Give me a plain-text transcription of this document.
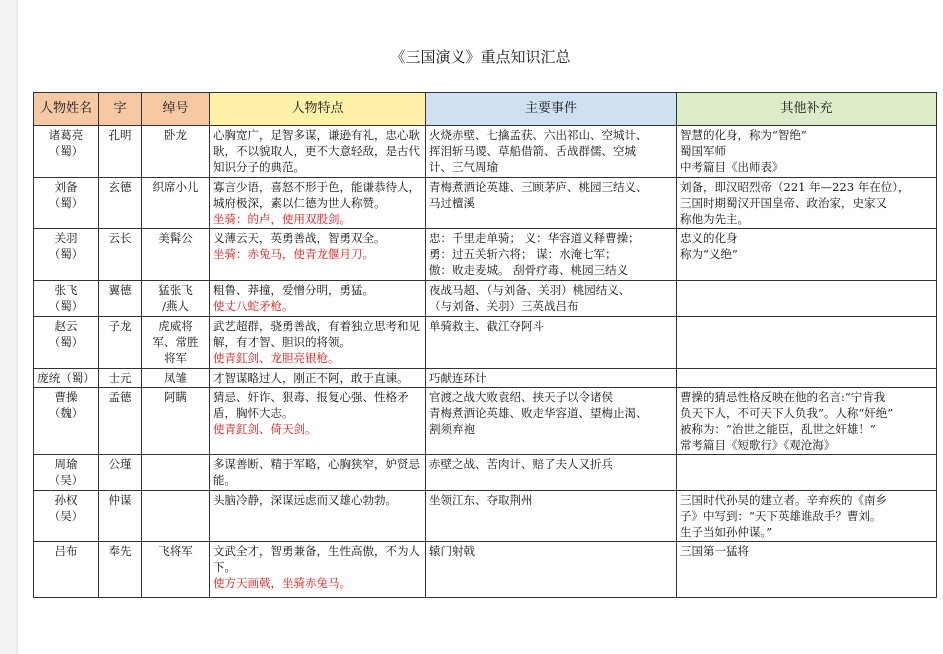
《三国演义》重点知识汇总
人物姓名	字	绰号	人物特点	主要事件	其他补充

诸葛亮
（蜀）	孔明	卧龙	心胸宽广，足智多谋，谦逊有礼，忠心耿耿，不以貌取人，更不大意轻敌，是古代知识分子的典范。	火烧赤壁、七擒孟获、六出祁山、空城计、
挥泪斩马谡、草船借箭、舌战群儒、空城
计、三气周瑜	智慧的化身，称为“智绝”
蜀国军师
中考篇目《出师表》

刘备
（蜀）	玄德	织席小儿	寡言少语，喜怒不形于色，能谦恭待人，城府极深，素以仁德为世人称赞。
坐骑：的卢，使用双股剑。	青梅煮酒论英雄、三顾茅庐、桃园三结义、
马过檀溪	刘备，即汉昭烈帝（221 年—223 年在位），
三国时期蜀汉开国皇帝、政治家，史家又
称他为先主。

关羽
（蜀）	云长	美髯公	义薄云天，英勇善战，智勇双全。
坐骑：赤兔马，使青龙偃月刀。	忠：千里走单骑； 义：华容道义释曹操；
勇：过五关斩六将； 谋：水淹七军；
傲：败走麦城。 刮骨疗毒、桃园三结义	忠义的化身
称为“义绝”

张飞
（蜀）	翼德	猛张飞
/燕人	粗鲁、莽撞，爱憎分明，勇猛。
使丈八蛇矛枪。	夜战马超、（与刘备、关羽）桃园结义、
（与刘备、关羽）三英战吕布	

赵云
（蜀）	子龙	虎威将
军、常胜
将军	武艺超群，骁勇善战，有着独立思考和见解，有才智、胆识的将领。
使青釭剑、龙胆亮银枪。	单骑救主、截江夺阿斗	

庞统（蜀）	士元	凤雏	才智谋略过人，刚正不阿，敢于直谏。	巧献连环计	

曹操
（魏）	孟德	阿瞒	猜忌、奸诈、狠毒、报复心强、性格矛盾，胸怀大志。
使青釭剑、倚天剑。	官渡之战大败袁绍、挟天子以令诸侯
青梅煮酒论英雄、败走华容道、望梅止渴、
割须弃袍	曹操的猜忌性格反映在他的名言:“宁肯我
负天下人，不可天下人负我”。人称“奸绝”
被称为：“治世之能臣，乱世之奸雄！”
常考篇目《短歌行》《观沧海》

周瑜
（吴）	公瑾		多谋善断、精于军略，心胸狭窄，妒贤忌能。	赤壁之战、苦肉计、赔了夫人又折兵	

孙权
（吴）	仲谋		头脑冷静，深谋远虑而又雄心勃勃。	坐领江东、夺取荆州	三国时代孙吴的建立者。辛弃疾的《南乡
子》中写到：“天下英雄谁敌手？曹刘。
生子当如孙仲谋。”

吕布	奉先	飞将军	文武全才，智勇兼备，生性高傲，不为人下。
使方天画戟，坐骑赤兔马。	辕门射戟	三国第一猛将
